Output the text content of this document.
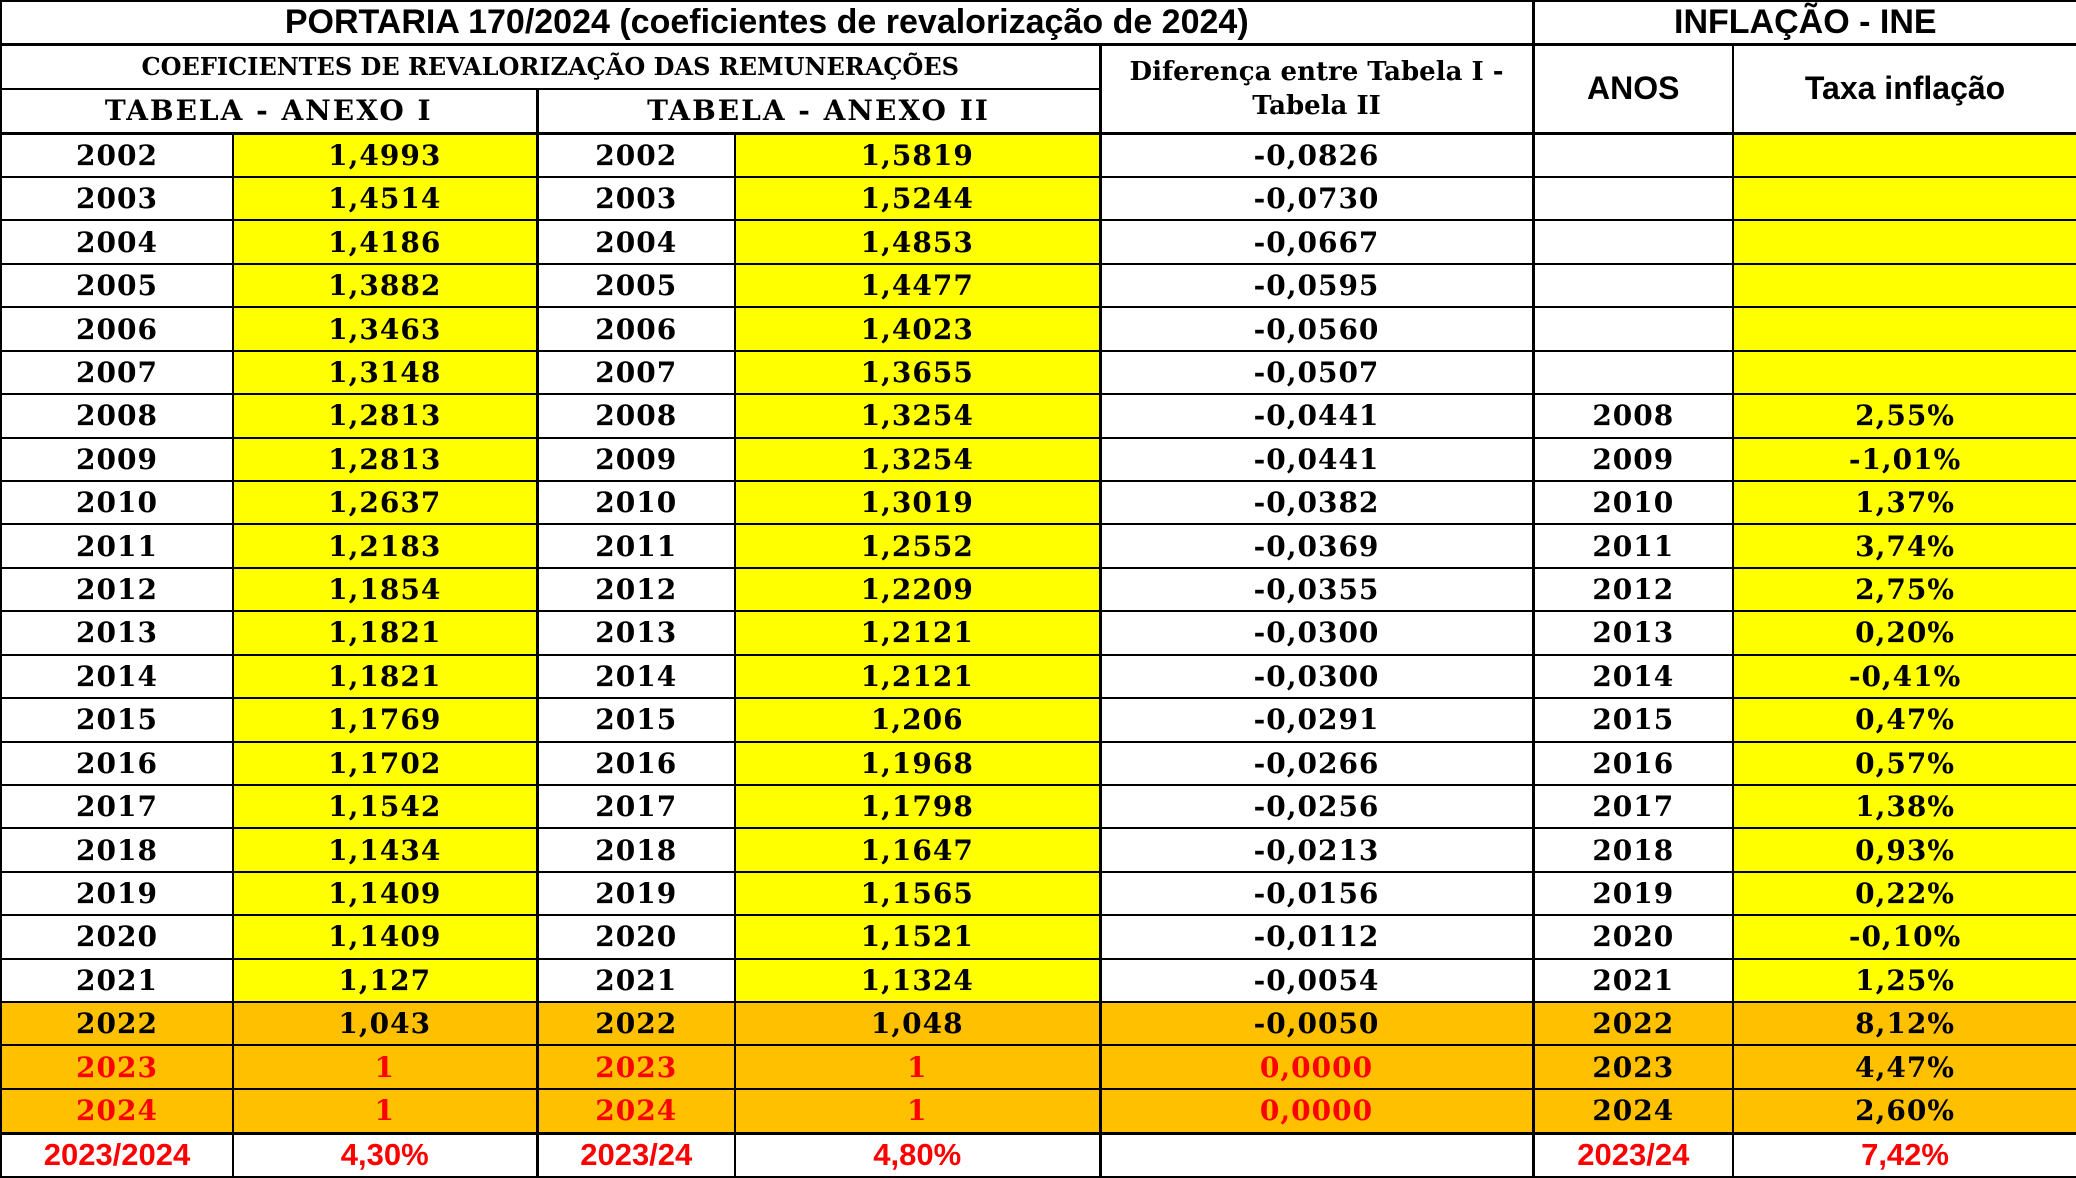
PORTARIA 170/2024 (coeficientes de revalorização de 2024)					INFLAÇÃO - INE	
COEFICIENTES DE REVALORIZAÇÃO DAS REMUNERAÇÕES				Diferença entre Tabela I - Tabela II	ANOS	Taxa inflação
TABELA - ANEXO I		TABELA - ANEXO II				
2002	1,4993	2002	1,5819	-0,0826		
2003	1,4514	2003	1,5244	-0,0730		
2004	1,4186	2004	1,4853	-0,0667		
2005	1,3882	2005	1,4477	-0,0595		
2006	1,3463	2006	1,4023	-0,0560		
2007	1,3148	2007	1,3655	-0,0507		
2008	1,2813	2008	1,3254	-0,0441	2008	2,55%
2009	1,2813	2009	1,3254	-0,0441	2009	-1,01%
2010	1,2637	2010	1,3019	-0,0382	2010	1,37%
2011	1,2183	2011	1,2552	-0,0369	2011	3,74%
2012	1,1854	2012	1,2209	-0,0355	2012	2,75%
2013	1,1821	2013	1,2121	-0,0300	2013	0,20%
2014	1,1821	2014	1,2121	-0,0300	2014	-0,41%
2015	1,1769	2015	1,206	-0,0291	2015	0,47%
2016	1,1702	2016	1,1968	-0,0266	2016	0,57%
2017	1,1542	2017	1,1798	-0,0256	2017	1,38%
2018	1,1434	2018	1,1647	-0,0213	2018	0,93%
2019	1,1409	2019	1,1565	-0,0156	2019	0,22%
2020	1,1409	2020	1,1521	-0,0112	2020	-0,10%
2021	1,127	2021	1,1324	-0,0054	2021	1,25%
2022	1,043	2022	1,048	-0,0050	2022	8,12%
2023	1	2023	1	0,0000	2023	4,47%
2024	1	2024	1	0,0000	2024	2,60%
2023/2024	4,30%	2023/24	4,80%		2023/24	7,42%
